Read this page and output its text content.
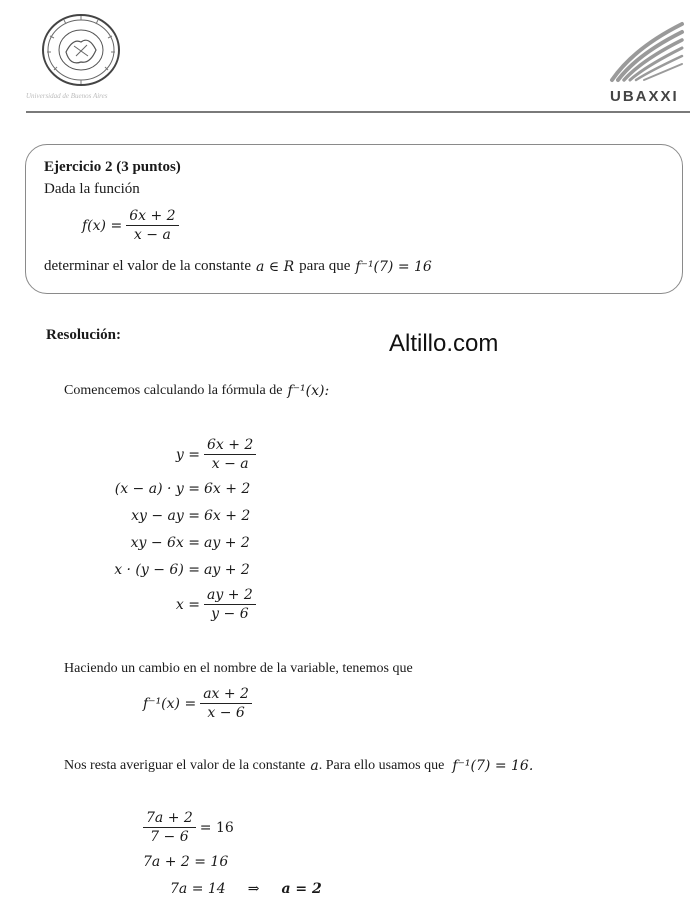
Universidad de Buenos Aires	UBAXXI
Ejercicio 2 (3 puntos)
Dada la función
$f(x) = \frac{6x + 2}{x - a}$
determinar el valor de la constante a ∈ R para que f⁻¹(7) = 16
Resolución:	Altillo.com
Comencemos calculando la fórmula de f⁻¹(x):
$y = \frac{6x + 2}{x - a}$
(x − a) · y = 6x + 2
xy − ay = 6x + 2
xy − 6x = ay + 2
x · (y − 6) = ay + 2
$x = \frac{ay + 2}{y - 6}$
Haciendo un cambio en el nombre de la variable, tenemos que
$f^{-1}(x) = \frac{ax + 2}{x - 6}$
Nos resta averiguar el valor de la constante a . Para ello usamos que f⁻¹(7) = 16.
$\frac{7a + 2}{7 - 6} = 16$
7a + 2 = 16
7a = 14 ⇒ a = 2
